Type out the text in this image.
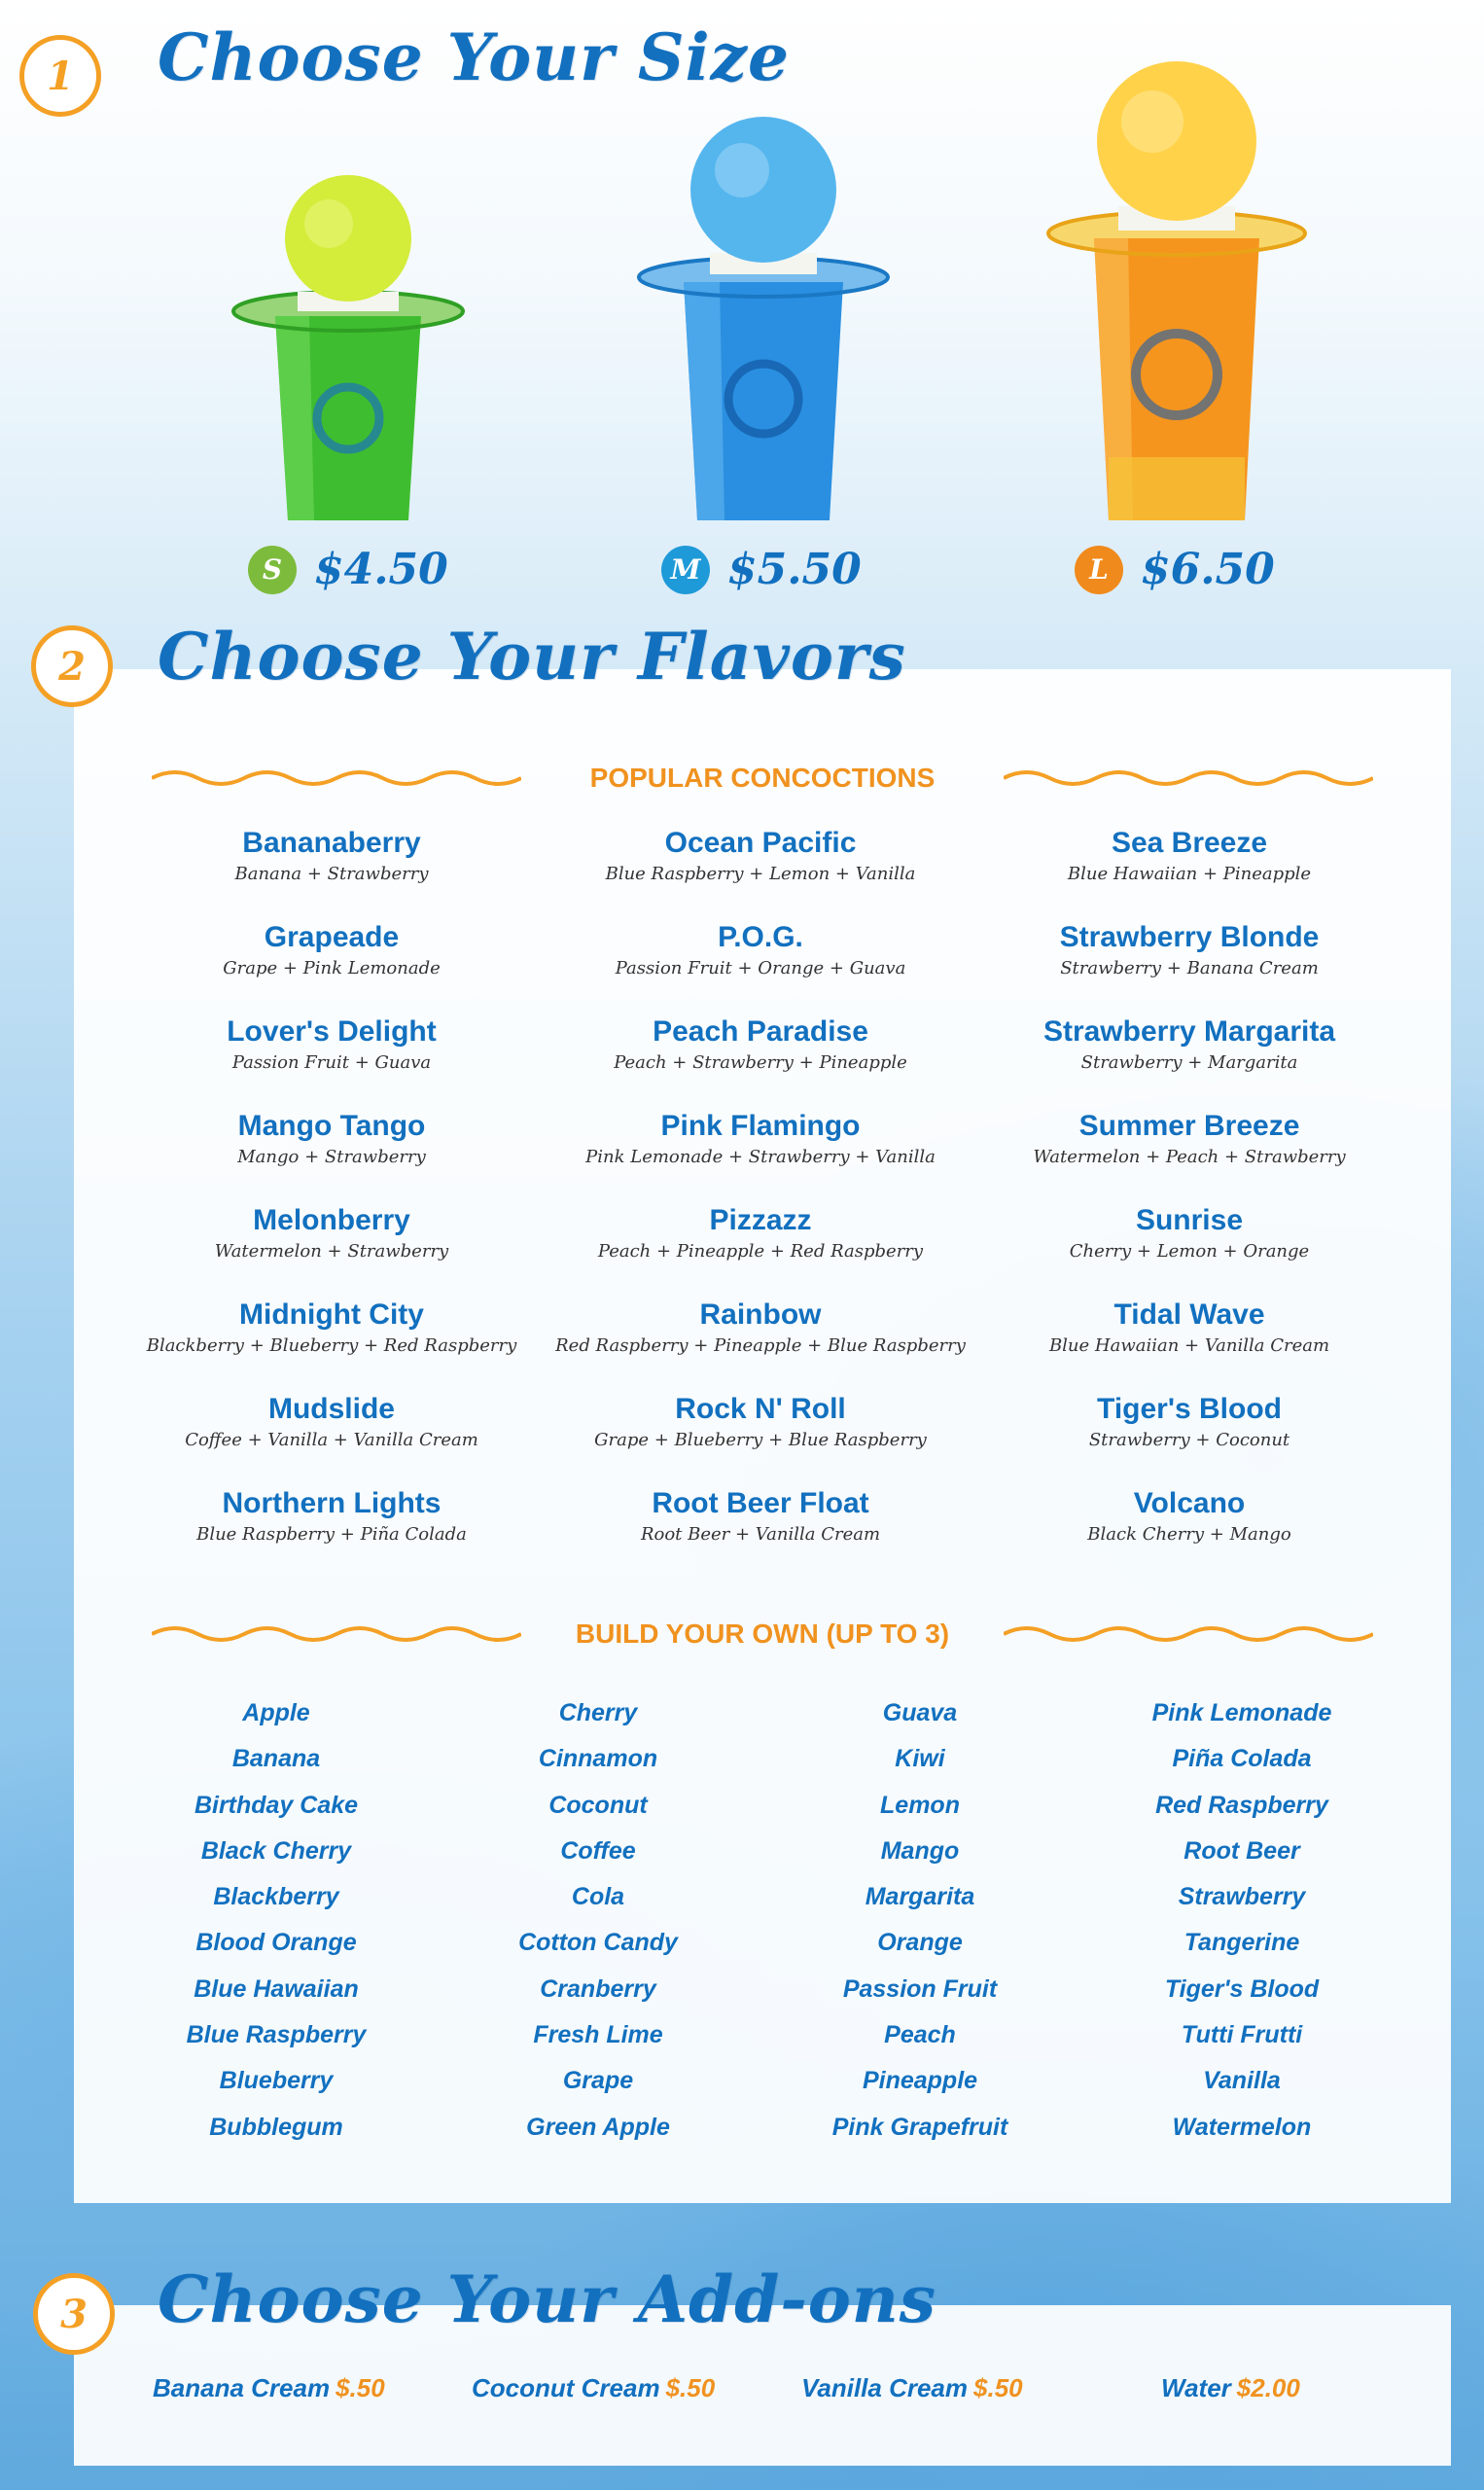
1	Choose Your Size
S $4.50	M $5.50	L $6.50
POPULAR CONCOCTIONS
Bananaberry
Banana + Strawberry
Grapeade
Grape + Pink Lemonade
Lover's Delight
Passion Fruit + Guava
Mango Tango
Mango + Strawberry
Melonberry
Watermelon + Strawberry
Midnight City
Blackberry + Blueberry + Red Raspberry
Mudslide
Coffee + Vanilla + Vanilla Cream
Northern Lights
Blue Raspberry + Piña Colada
Ocean Pacific
Blue Raspberry + Lemon + Vanilla
P.O.G.
Passion Fruit + Orange + Guava
Peach Paradise
Peach + Strawberry + Pineapple
Pink Flamingo
Pink Lemonade + Strawberry + Vanilla
Pizzazz
Peach + Pineapple + Red Raspberry
Rainbow
Red Raspberry + Pineapple + Blue Raspberry
Rock N' Roll
Grape + Blueberry + Blue Raspberry
Root Beer Float
Root Beer + Vanilla Cream
Sea Breeze
Blue Hawaiian + Pineapple
Strawberry Blonde
Strawberry + Banana Cream
Strawberry Margarita
Strawberry + Margarita
Summer Breeze
Watermelon + Peach + Strawberry
Sunrise
Cherry + Lemon + Orange
Tidal Wave
Blue Hawaiian + Vanilla Cream
Tiger's Blood
Strawberry + Coconut
Volcano
Black Cherry + Mango
BUILD YOUR OWN (UP TO 3)
Apple
Banana
Birthday Cake
Black Cherry
Blackberry
Blood Orange
Blue Hawaiian
Blue Raspberry
Blueberry
Bubblegum
Cherry
Cinnamon
Coconut
Coffee
Cola
Cotton Candy
Cranberry
Fresh Lime
Grape
Green Apple
Guava
Kiwi
Lemon
Mango
Margarita
Orange
Passion Fruit
Peach
Pineapple
Pink Grapefruit
Pink Lemonade
Piña Colada
Red Raspberry
Root Beer
Strawberry
Tangerine
Tiger's Blood
Tutti Frutti
Vanilla
Watermelon
2	Choose Your Flavors
3	Choose Your Add-ons
Banana Cream $.50	Coconut Cream $.50	Vanilla Cream $.50	Water $2.00
